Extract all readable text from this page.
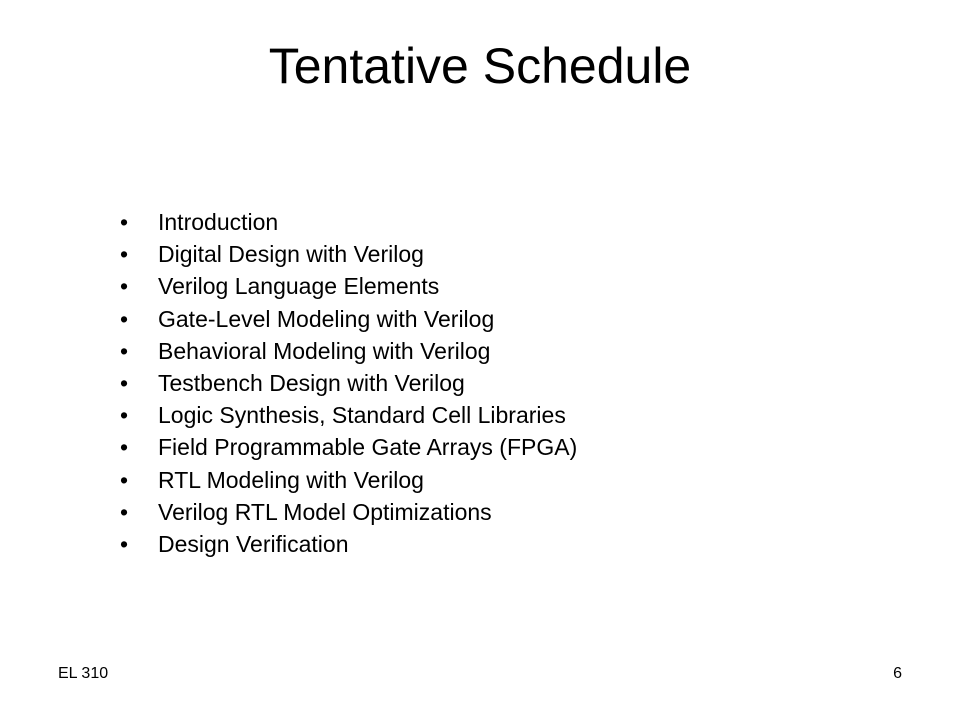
Tentative Schedule
• Introduction
• Digital Design with Verilog
• Verilog Language Elements
• Gate-Level Modeling with Verilog
• Behavioral Modeling with Verilog
• Testbench Design with Verilog
• Logic Synthesis, Standard Cell Libraries
• Field Programmable Gate Arrays (FPGA)
• RTL Modeling with Verilog
• Verilog RTL Model Optimizations
• Design Verification
EL 310	6
